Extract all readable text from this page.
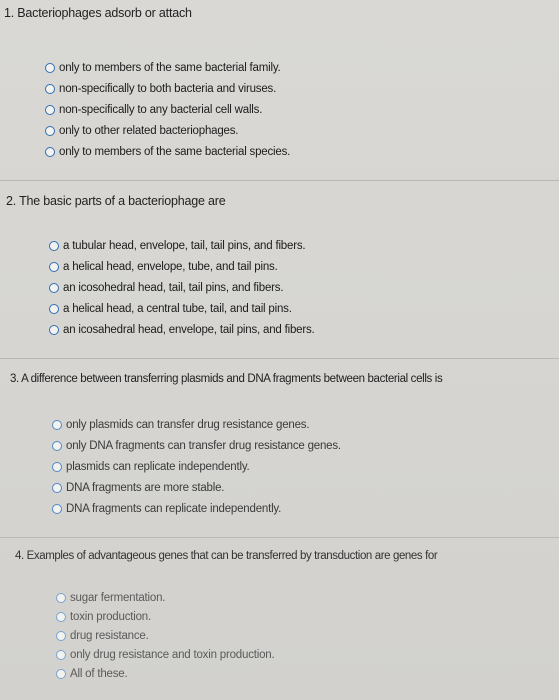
1. Bacteriophages adsorb or attach
only to members of the same bacterial family.
non-specifically to both bacteria and viruses.
non-specifically to any bacterial cell walls.
only to other related bacteriophages.
only to members of the same bacterial species.
2. The basic parts of a bacteriophage are
a tubular head, envelope, tail, tail pins, and fibers.
a helical head, envelope, tube, and tail pins.
an icosohedral head, tail, tail pins, and fibers.
a helical head, a central tube, tail, and tail pins.
an icosahedral head, envelope, tail pins, and fibers.
3. A difference between transferring plasmids and DNA fragments between bacterial cells is
only plasmids can transfer drug resistance genes.
only DNA fragments can transfer drug resistance genes.
plasmids can replicate independently.
DNA fragments are more stable.
DNA fragments can replicate independently.
4. Examples of advantageous genes that can be transferred by transduction are genes for
sugar fermentation.
toxin production.
drug resistance.
only drug resistance and toxin production.
All of these.
